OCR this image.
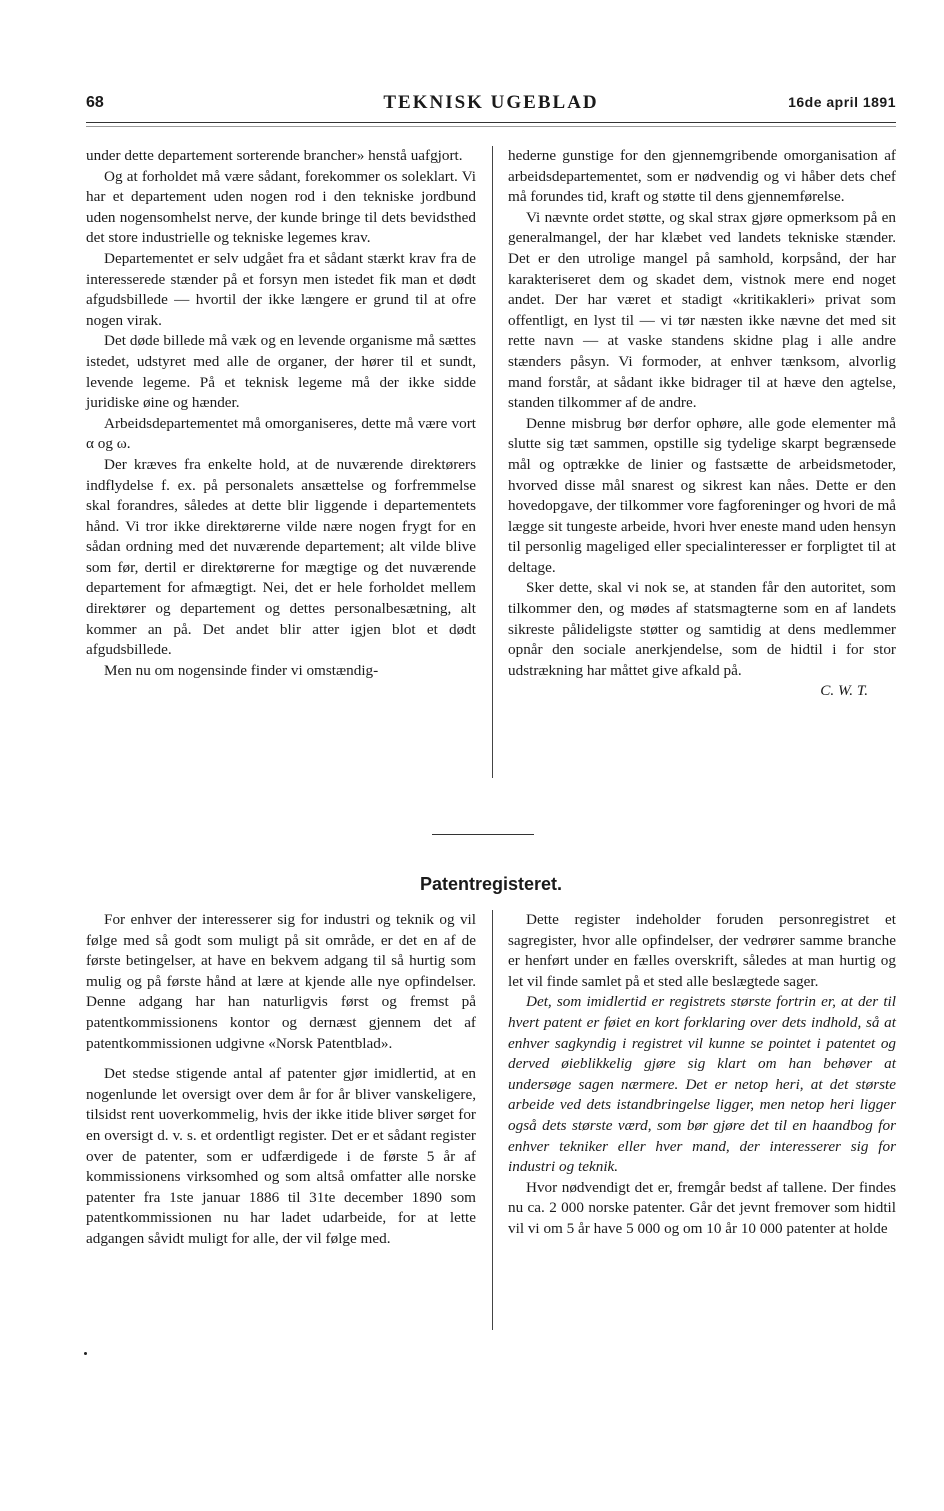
68	TEKNISK UGEBLAD	16de april 1891

under dette departement sorterende brancher» henstå uafgjort.

Og at forholdet må være sådant, forekommer os soleklart. Vi har et departement uden nogen rod i den tekniske jordbund uden nogensomhelst nerve, der kunde bringe til dets bevidsthed det store industrielle og tekniske legemes krav.

Departementet er selv udgået fra et sådant stærkt krav fra de interesserede stænder på et forsyn men istedet fik man et dødt afgudsbillede — hvortil der ikke længere er grund til at ofre nogen virak.

Det døde billede må væk og en levende organisme må sættes istedet, udstyret med alle de organer, der hører til et sundt, levende legeme. På et teknisk legeme må der ikke sidde juridiske øine og hænder.

Arbeidsdepartementet må omorganiseres, dette må være vort α og ω.

Der kræves fra enkelte hold, at de nuværende direktørers indflydelse f. ex. på personalets ansættelse og forfremmelse skal forandres, således at dette blir liggende i departementets hånd. Vi tror ikke direktørerne vilde nære nogen frygt for en sådan ordning med det nuværende departement; alt vilde blive som før, dertil er direktørerne for mægtige og det nuværende departement for afmægtigt. Nei, det er hele forholdet mellem direktører og departement og dettes personalbesætning, alt kommer an på. Det andet blir atter igjen blot et dødt afgudsbillede.

Men nu om nogensinde finder vi omstændig-

hederne gunstige for den gjennemgribende omorganisation af arbeidsdepartementet, som er nødvendig og vi håber dets chef må forundes tid, kraft og støtte til dens gjennemførelse.

Vi nævnte ordet støtte, og skal strax gjøre opmerksom på en generalmangel, der har klæbet ved landets tekniske stænder. Det er den utrolige mangel på samhold, korpsånd, der har karakteriseret dem og skadet dem, vistnok mere end noget andet. Der har været et stadigt «kritikakleri» privat som offentligt, en lyst til — vi tør næsten ikke nævne det med sit rette navn — at vaske standens skidne plag i alle andre stænders påsyn. Vi formoder, at enhver tænksom, alvorlig mand forstår, at sådant ikke bidrager til at hæve den agtelse, standen tilkommer af de andre.

Denne misbrug bør derfor ophøre, alle gode elementer må slutte sig tæt sammen, opstille sig tydelige skarpt begrænsede mål og optrække de linier og fastsætte de arbeidsmetoder, hvorved disse mål snarest og sikrest kan nåes. Dette er den hovedopgave, der tilkommer vore fagforeninger og hvori de må lægge sit tungeste arbeide, hvori hver eneste mand uden hensyn til personlig mageliged eller specialinteresser er forpligtet til at deltage.

Sker dette, skal vi nok se, at standen får den autoritet, som tilkommer den, og mødes af statsmagterne som en af landets sikreste pålideligste støtter og samtidig at dens medlemmer opnår den sociale anerkjendelse, som de hidtil i for stor udstrækning har måttet give afkald på.

C. W. T.

Patentregisteret.

For enhver der interesserer sig for industri og teknik og vil følge med så godt som muligt på sit område, er det en af de første betingelser, at have en bekvem adgang til så hurtig som mulig og på første hånd at lære at kjende alle nye opfindelser. Denne adgang har han naturligvis først og fremst på patentkommissionens kontor og dernæst gjennem det af patentkommissionen udgivne «Norsk Patentblad».

Det stedse stigende antal af patenter gjør imidlertid, at en nogenlunde let oversigt over dem år for år bliver vanskeligere, tilsidst rent uoverkommelig, hvis der ikke itide bliver sørget for en oversigt d. v. s. et ordentligt register. Det er et sådant register over de patenter, som er udfærdigede i de første 5 år af kommissionens virksomhed og som altså omfatter alle norske patenter fra 1ste januar 1886 til 31te december 1890 som patentkommissionen nu har ladet udarbeide, for at lette adgangen såvidt muligt for alle, der vil følge med.

Dette register indeholder foruden personregistret et sagregister, hvor alle opfindelser, der vedrører samme branche er henført under en fælles overskrift, således at man hurtig og let vil finde samlet på et sted alle beslægtede sager.

Det, som imidlertid er registrets største fortrin er, at der til hvert patent er føiet en kort forklaring over dets indhold, så at enhver sagkyndig i registret vil kunne se pointet i patentet og derved øieblikkelig gjøre sig klart om han behøver at undersøge sagen nærmere. Det er netop heri, at det største arbeide ved dets istandbringelse ligger, men netop heri ligger også dets største værd, som bør gjøre det til en haandbog for enhver tekniker eller hver mand, der interesserer sig for industri og teknik.

Hvor nødvendigt det er, fremgår bedst af tallene. Der findes nu ca. 2 000 norske patenter. Går det jevnt fremover som hidtil vil vi om 5 år have 5 000 og om 10 år 10 000 patenter at holde
